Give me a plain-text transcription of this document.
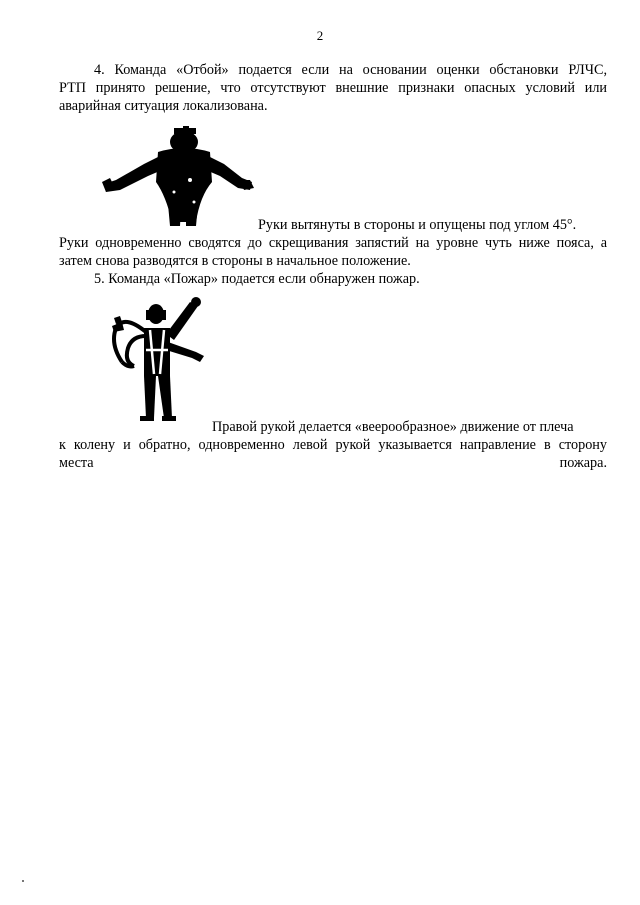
2
4. Команда «Отбой» подается если на основании оценки обстановки РЛЧС,
РТП принято решение, что отсутствуют внешние признаки опасных условий или
аварийная ситуация локализована.
Руки вытянуты в стороны и опущены под углом 45°.
Руки одновременно сводятся до скрещивания запястий на уровне чуть ниже пояса, а
затем снова разводятся в стороны в начальное положение.
5. Команда «Пожар» подается если обнаружен пожар.
Правой рукой делается «веерообразное» движение от плеча
к колену и обратно, одновременно левой рукой указывается направление в сторону
места	пожара.
